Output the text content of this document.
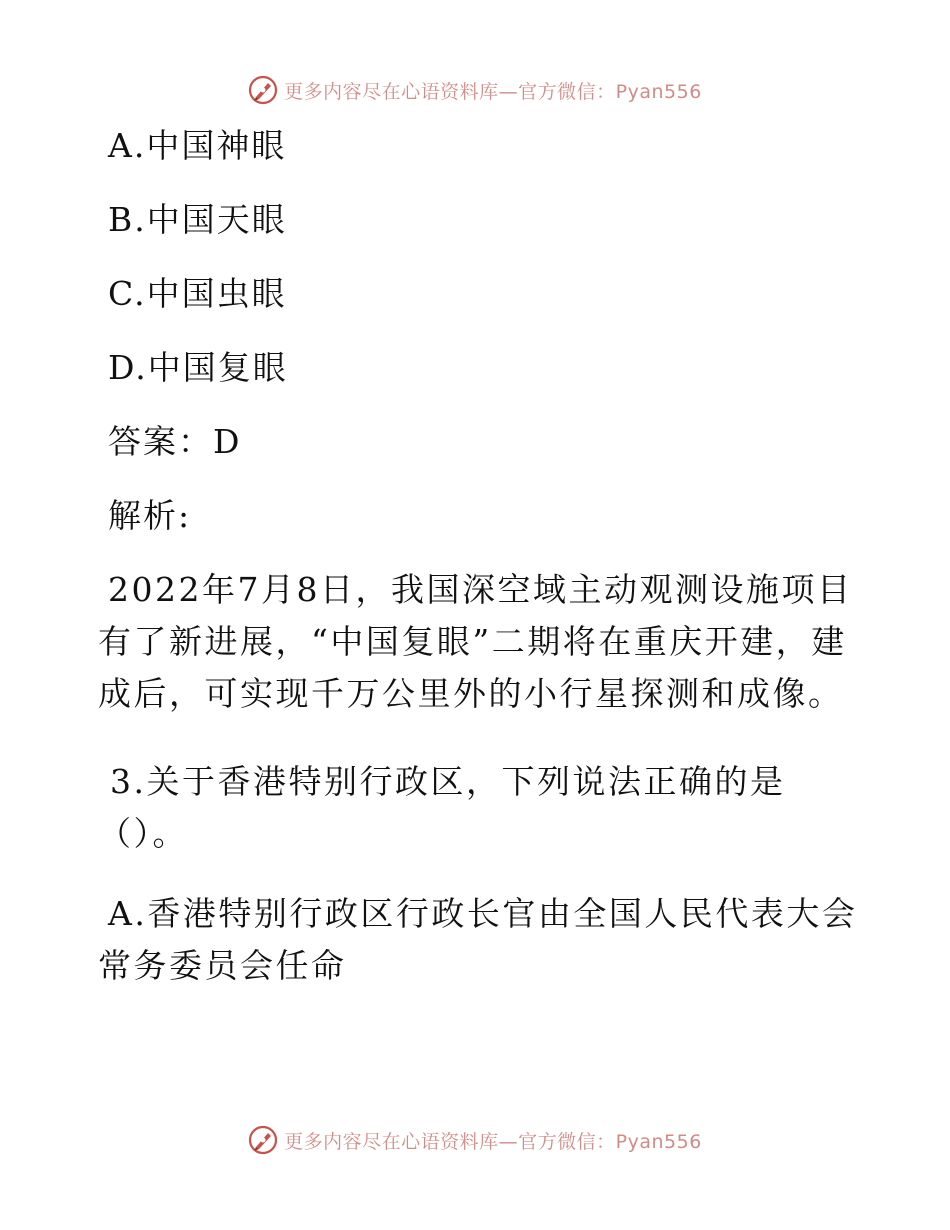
更多内容尽在心语资料库—官方微信：Pyan556
A.中国神眼
B.中国天眼
C.中国虫眼
D.中国复眼
答案：D
解析:
2022年7月8日，我国深空域主动观测设施项目
有了新进展，“中国复眼”二期将在重庆开建，建
成后，可实现千万公里外的小行星探测和成像。
3.关于香港特别行政区，下列说法正确的是
（）。
A.香港特别行政区行政长官由全国人民代表大会
常务委员会任命
更多内容尽在心语资料库—官方微信：Pyan556
